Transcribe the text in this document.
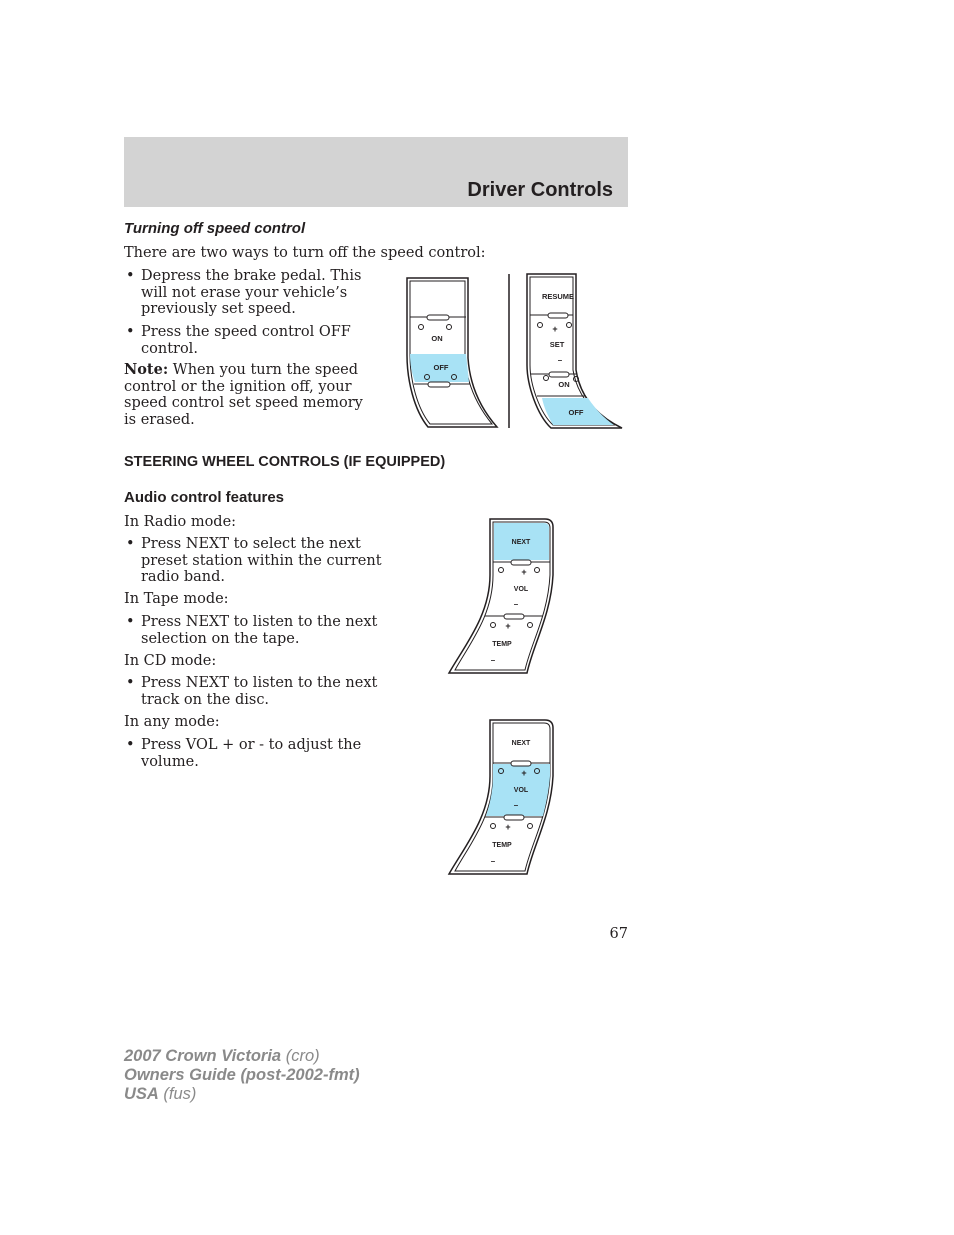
Driver Controls
Turning off speed control

There are two ways to turn off the speed control:

• Depress the brake pedal. This will not erase your vehicle’s previously set speed.
• Press the speed control OFF control.

Note: When you turn the speed control or the ignition off, your speed control set speed memory is erased.

ON
OFF
RESUME
+
SET
–
ON
OFF
STEERING WHEEL CONTROLS (IF EQUIPPED)
Audio control features

In Radio mode:

• Press NEXT to select the next preset station within the current radio band.

In Tape mode:

• Press NEXT to listen to the next selection on the tape.

In CD mode:

• Press NEXT to listen to the next track on the disc.

In any mode:

• Press VOL + or - to adjust the volume.
NEXT
+
VOL
–
+
TEMP
–
NEXT
+
VOL
–
+
TEMP
–
67
2007 Crown Victoria (cro)
Owners Guide (post-2002-fmt)
USA (fus)
